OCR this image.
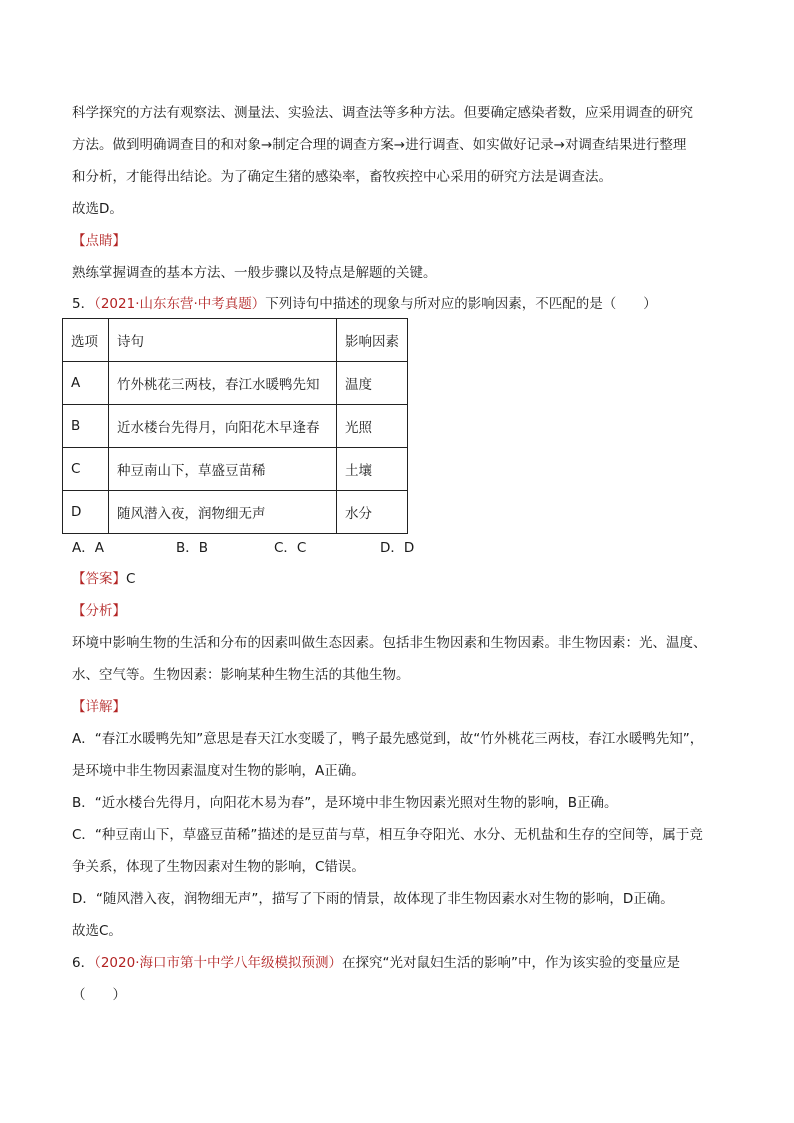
科学探究的方法有观察法、测量法、实验法、调查法等多种方法。但要确定感染者数，应采用调查的研究
方法。做到明确调查目的和对象→制定合理的调查方案→进行调查、如实做好记录→对调查结果进行整理
和分析，才能得出结论。为了确定生猪的感染率，畜牧疾控中心采用的研究方法是调查法。
故选D。
【点睛】
熟练掌握调查的基本方法、一般步骤以及特点是解题的关键。
5．（2021·山东东营·中考真题）下列诗句中描述的现象与所对应的影响因素，不匹配的是（　　）
选项	诗句	影响因素
A	竹外桃花三两枝，春江水暖鸭先知	温度
B	近水楼台先得月，向阳花木早逢春	光照
C	种豆南山下，草盛豆苗稀	土壤
D	随风潜入夜，润物细无声	水分
A．A	B．B	C．C	D．D
【答案】C
【分析】
环境中影响生物的生活和分布的因素叫做生态因素。包括非生物因素和生物因素。非生物因素：光、温度、
水、空气等。生物因素：影响某种生物生活的其他生物。
【详解】
A．“春江水暖鸭先知”意思是春天江水变暖了，鸭子最先感觉到，故“竹外桃花三两枝，春江水暖鸭先知”，
是环境中非生物因素温度对生物的影响，A正确。
B．“近水楼台先得月，向阳花木易为春”，是环境中非生物因素光照对生物的影响，B正确。
C．“种豆南山下，草盛豆苗稀”描述的是豆苗与草，相互争夺阳光、水分、无机盐和生存的空间等，属于竞
争关系，体现了生物因素对生物的影响，C错误。
D．“随风潜入夜，润物细无声”，描写了下雨的情景，故体现了非生物因素水对生物的影响，D正确。
故选C。
6．（2020·海口市第十中学八年级模拟预测）在探究“光对鼠妇生活的影响”中，作为该实验的变量应是
（　　）
